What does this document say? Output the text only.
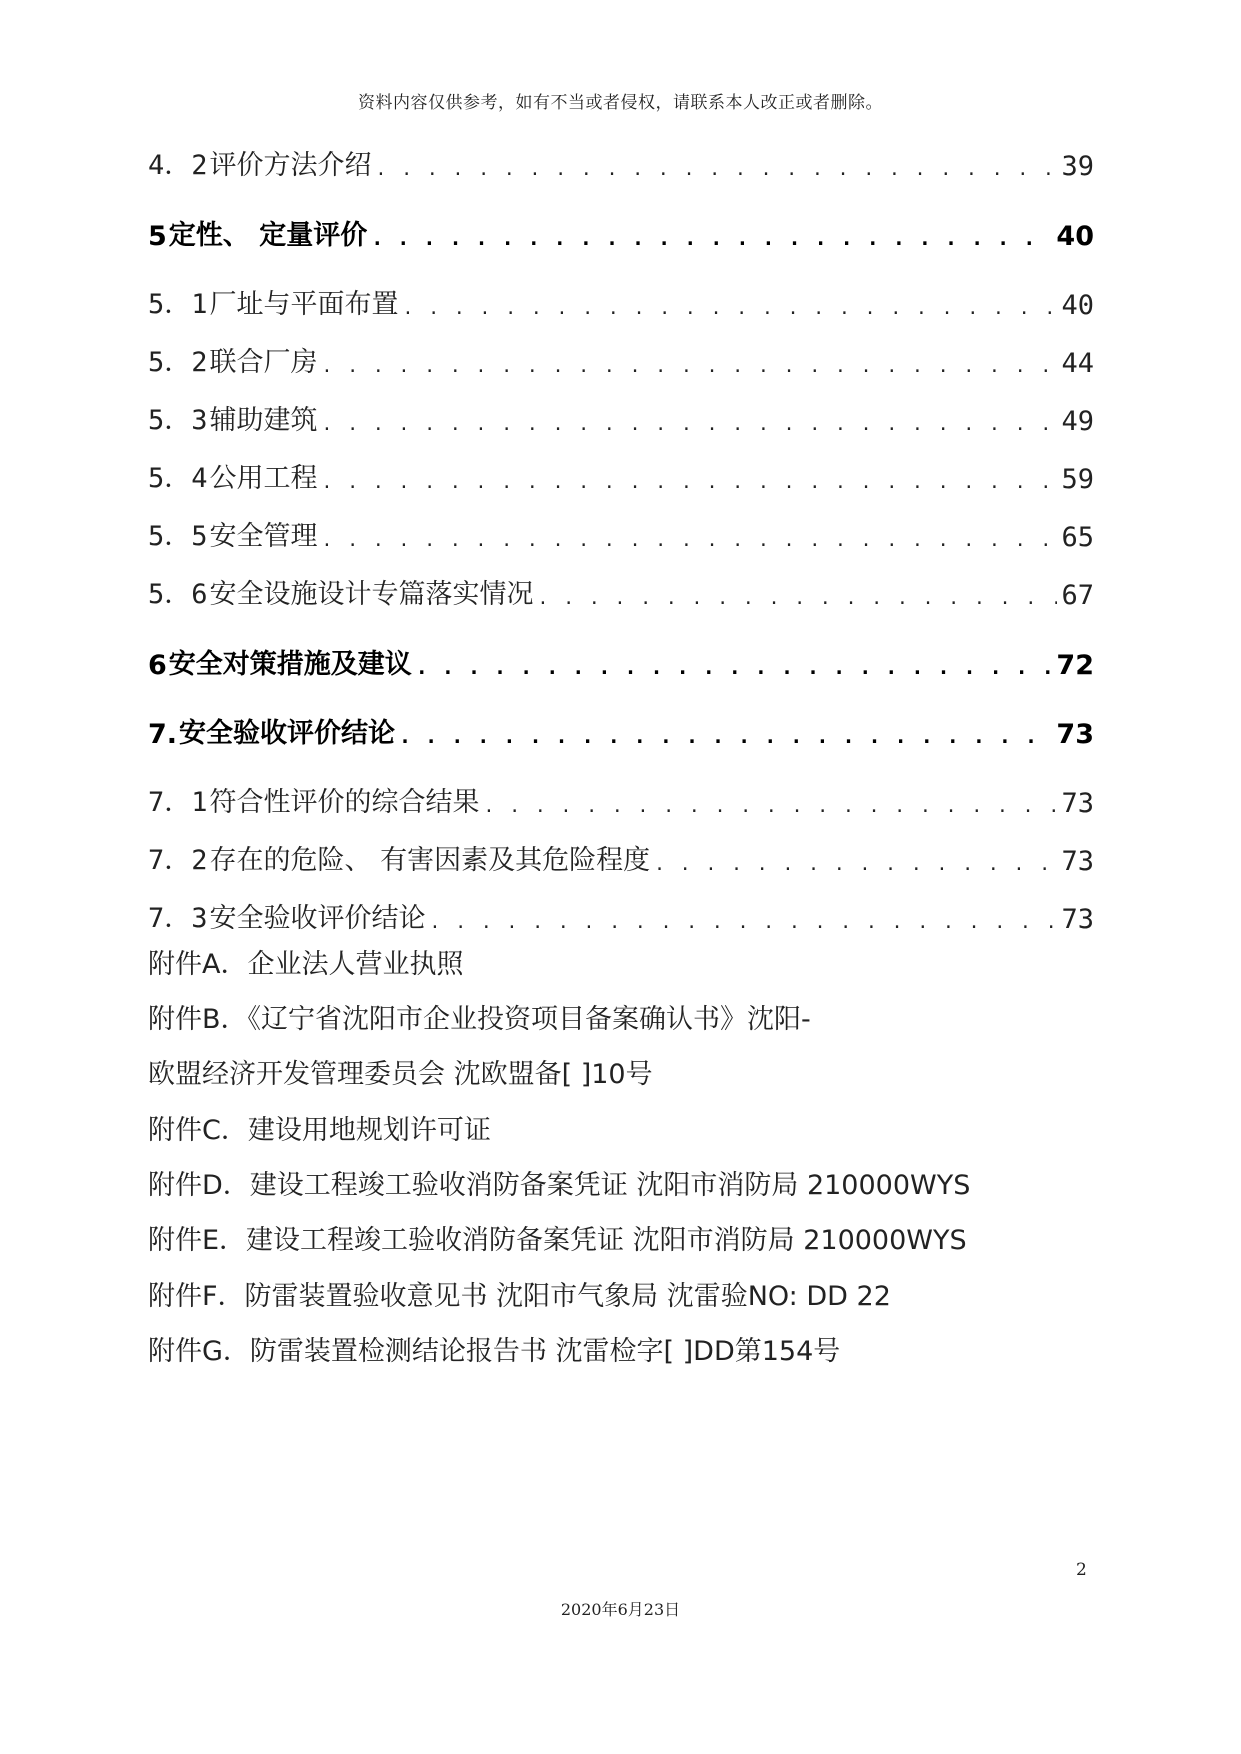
资料内容仅供参考，如有不当或者侵权，请联系本人改正或者删除。
4．2 评价方法介绍 . . .	39
5 定性、 定量评价 . . .	40
5．1 厂址与平面布置 . . .	40
5．2 联合厂房 . . .	44
5．3 辅助建筑 . . .	49
5．4 公用工程 . . .	59
5．5 安全管理 . . .	65
5．6 安全设施设计专篇落实情况 . . .	67
6 安全对策措施及建议 . . .	72
7. 安全验收评价结论 . . .	73
7．1 符合性评价的综合结果 . . .	73
7．2 存在的危险、 有害因素及其危险程度 . . .	73
7．3 安全验收评价结论 . . .	73
附件A．企业法人营业执照
附件B．《辽宁省沈阳市企业投资项目备案确认书》沈阳-
欧盟经济开发管理委员会 沈欧盟备[ ]10号
附件C．建设用地规划许可证
附件D．建设工程竣工验收消防备案凭证 沈阳市消防局 210000WYS
附件E．建设工程竣工验收消防备案凭证 沈阳市消防局 210000WYS
附件F．防雷装置验收意见书 沈阳市气象局 沈雷验NO: DD 22
附件G．防雷装置检测结论报告书 沈雷检字[ ]DD第154号
2
2020年6月23日
